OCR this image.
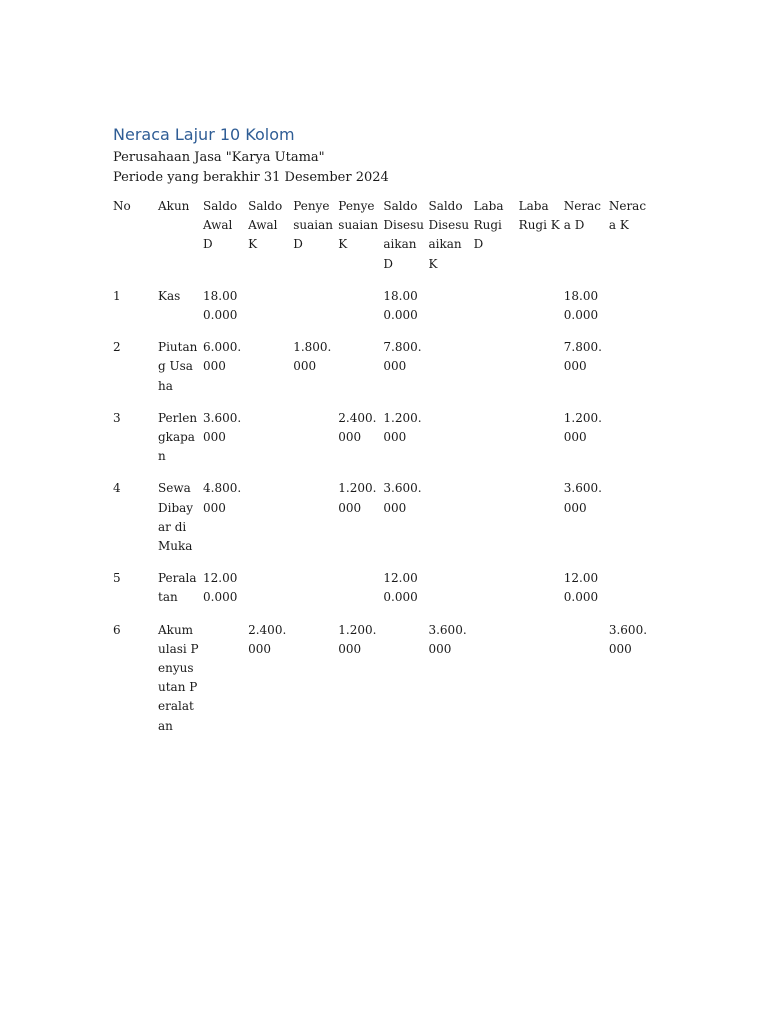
Neraca Lajur 10 Kolom

Perusahaan Jasa "Karya Utama"

Periode yang berakhir 31 Desember 2024

No	Akun	Saldo Awal D	Saldo Awal K	Penyesuaian D	Penyesuaian K	Saldo Disesuaikan D	Saldo Disesuaikan K	Laba Rugi D	Laba Rugi K	Neraca D	Neraca K
1	Kas	18.000.000				18.000.000				18.000.000	
2	Piutang Usaha	6.000.000		1.800.000		7.800.000				7.800.000	
3	Perlengkapan	3.600.000			2.400.000	1.200.000				1.200.000	
4	Sewa Dibayar di Muka	4.800.000			1.200.000	3.600.000				3.600.000	
5	Peralatan	12.000.000				12.000.000				12.000.000	
6	Akumulasi Penyusutan Peralatan		2.400.000		1.200.000		3.600.000				3.600.000
